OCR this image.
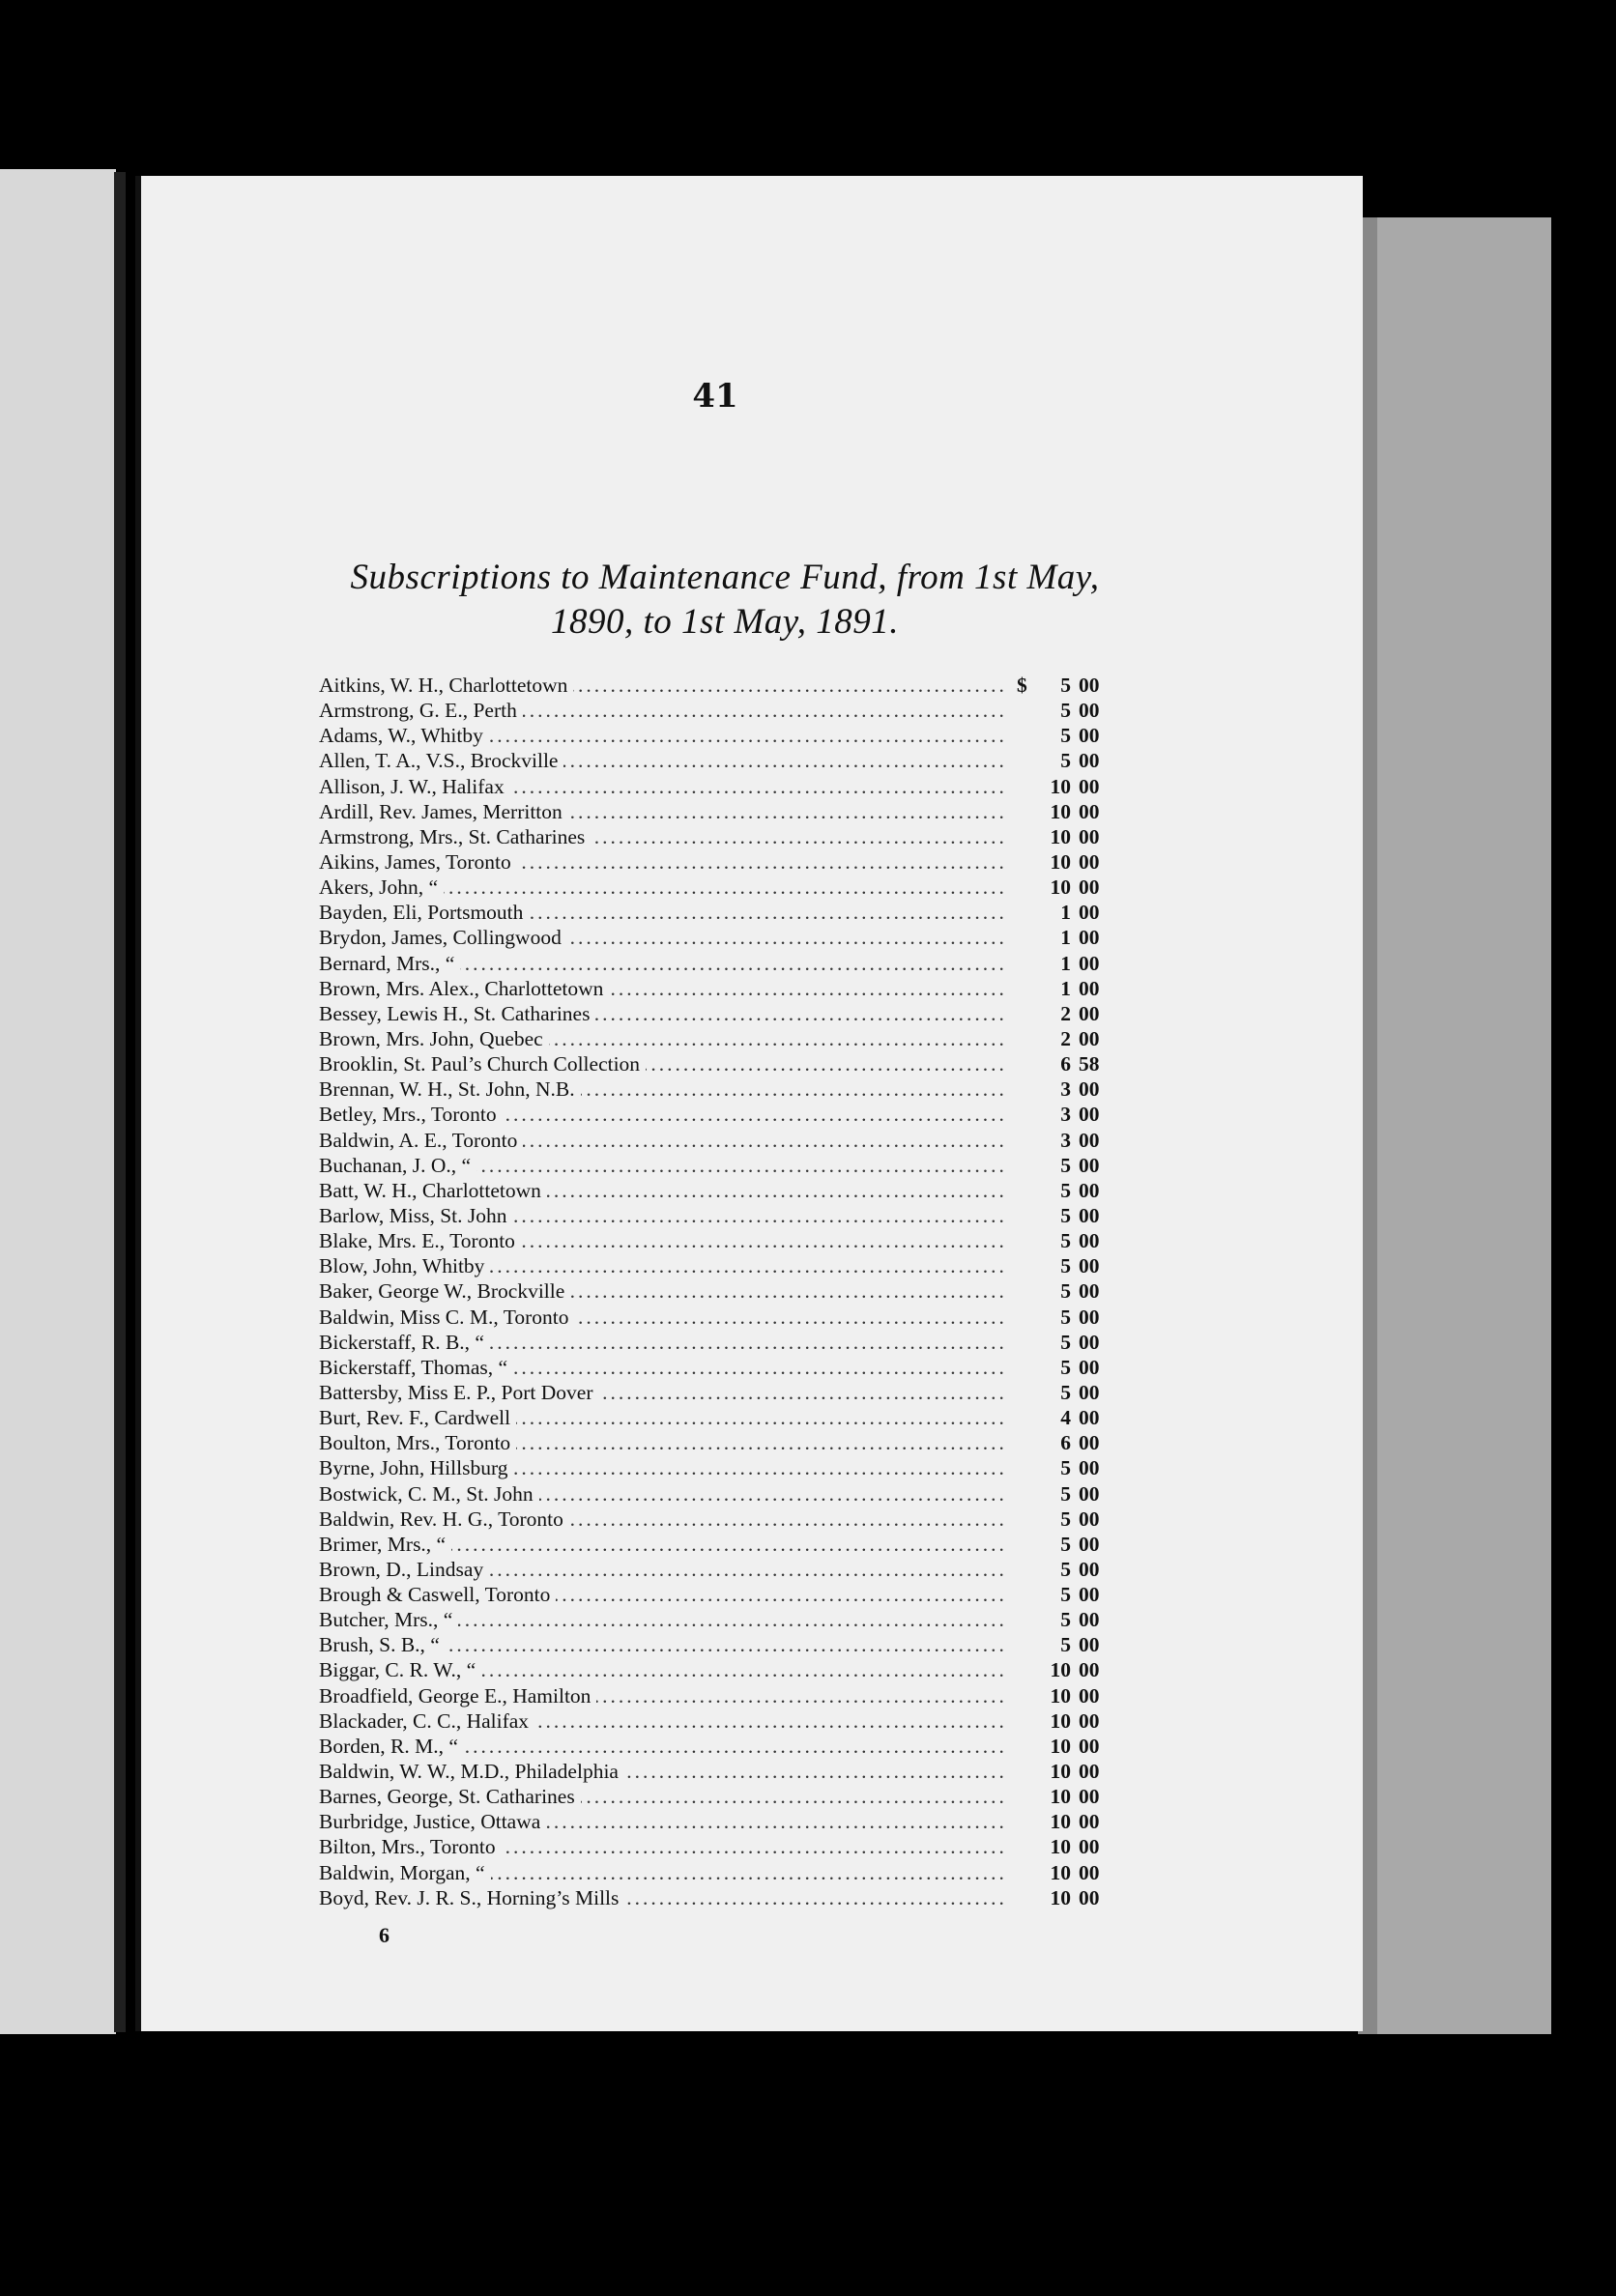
41
Subscriptions to Maintenance Fund, from 1st May,
1890, to 1st May, 1891.
.....
Aitkins, W. H., Charlottetown	$	5 00
.....
Armstrong, G. E., Perth	5 00
.....
Adams, W., Whitby	5 00
.....
Allen, T. A., V.S., Brockville	5 00
.....
Allison, J. W., Halifax	10 00
.....
Ardill, Rev. James, Merritton	10 00
.....
Armstrong, Mrs., St. Catharines	10 00
.....
Aikins, James, Toronto	10 00
.....
Akers, John, “	10 00
.....
Bayden, Eli, Portsmouth	1 00
.....
Brydon, James, Collingwood	1 00
.....
Bernard, Mrs., “	1 00
.....
Brown, Mrs. Alex., Charlottetown	1 00
.....
Bessey, Lewis H., St. Catharines	2 00
.....
Brown, Mrs. John, Quebec	2 00
.....
Brooklin, St. Paul’s Church Collection	6 58
.....
Brennan, W. H., St. John, N.B.	3 00
.....
Betley, Mrs., Toronto	3 00
.....
Baldwin, A. E., Toronto	3 00
.....
Buchanan, J. O., “	5 00
.....
Batt, W. H., Charlottetown	5 00
.....
Barlow, Miss, St. John	5 00
.....
Blake, Mrs. E., Toronto	5 00
.....
Blow, John, Whitby	5 00
.....
Baker, George W., Brockville	5 00
.....
Baldwin, Miss C. M., Toronto	5 00
.....
Bickerstaff, R. B., “	5 00
.....
Bickerstaff, Thomas, “	5 00
.....
Battersby, Miss E. P., Port Dover	5 00
.....
Burt, Rev. F., Cardwell	4 00
.....
Boulton, Mrs., Toronto	6 00
.....
Byrne, John, Hillsburg	5 00
.....
Bostwick, C. M., St. John	5 00
.....
Baldwin, Rev. H. G., Toronto	5 00
.....
Brimer, Mrs., “	5 00
.....
Brown, D., Lindsay	5 00
.....
Brough & Caswell, Toronto	5 00
.....
Butcher, Mrs., “	5 00
.....
Brush, S. B., “	5 00
.....
Biggar, C. R. W., “	10 00
.....
Broadfield, George E., Hamilton	10 00
.....
Blackader, C. C., Halifax	10 00
.....
Borden, R. M., “	10 00
.....
Baldwin, W. W., M.D., Philadelphia	10 00
.....
Barnes, George, St. Catharines	10 00
.....
Burbridge, Justice, Ottawa	10 00
.....
Bilton, Mrs., Toronto	10 00
.....
Baldwin, Morgan, “	10 00
.....
Boyd, Rev. J. R. S., Horning’s Mills	10 00
6
